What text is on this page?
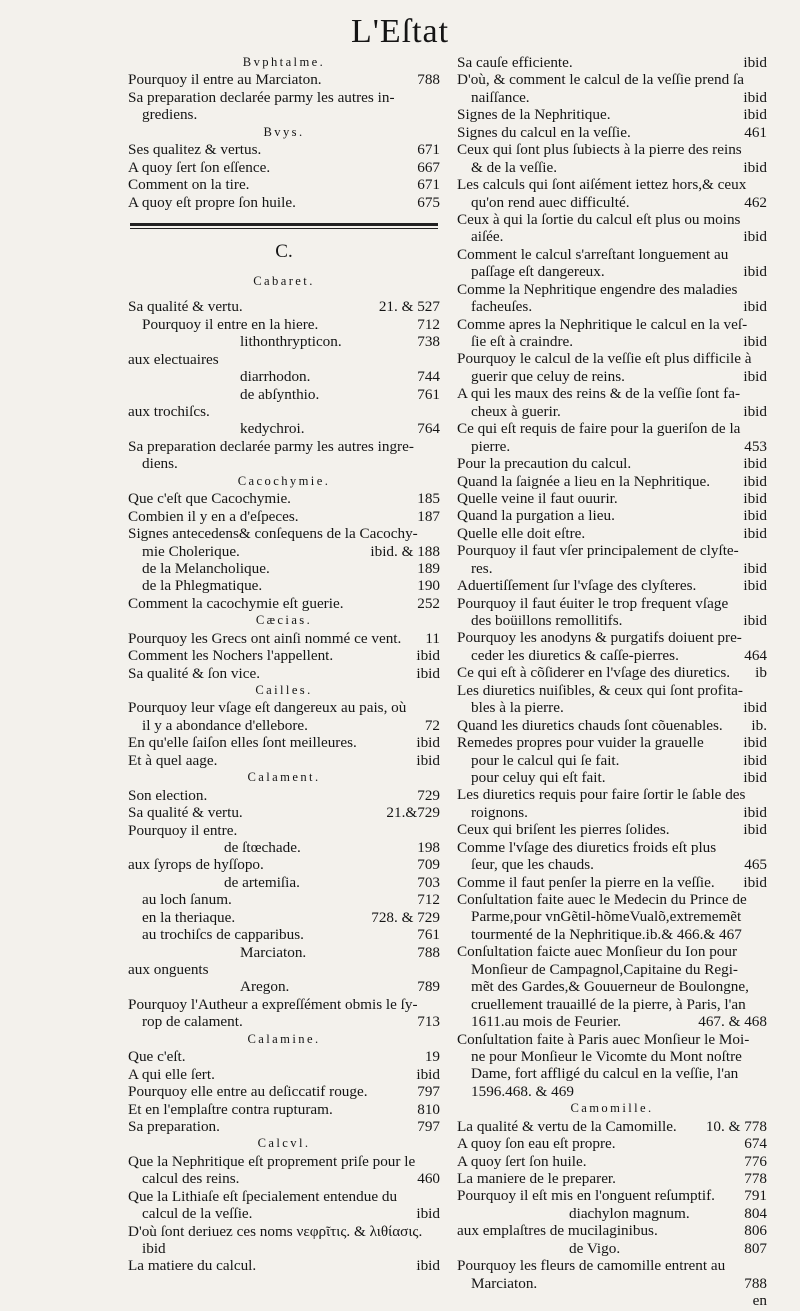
L'Eſtat
Bvphtalme.
Pourquoy il entre au Marciaton.	788
Sa preparation declarée parmy les autres in-
grediens.
Bvys.
Ses qualitez & vertus.	671
A quoy ſert ſon eſſence.	667
Comment on la tire.	671
A quoy eſt propre ſon huile.	675
C.
Cabaret.
Sa qualité & vertu.	21. & 527
Pourquoy il entre en la hiere.	712
lithonthrypticon.	738
aux electuaires
diarrhodon.	744
de abſynthio.	761
aux trochiſcs.
kedychroi.	764
Sa preparation declarée parmy les autres ingre-
diens.
Cacochymie.
Que c'eſt que Cacochymie.	185
Combien il y en a d'eſpeces.	187
Signes antecedens& conſequens de la Cacochy-
mie Cholerique.	ibid. & 188
de la Melancholique.	189
de la Phlegmatique.	190
Comment la cacochymie eſt guerie.	252
Cæcias.
Pourquoy les Grecs ont ainſi nommé ce vent. 11
Comment les Nochers l'appellent.	ibid
Sa qualité & ſon vice.	ibid
Cailles.
Pourquoy leur vſage eſt dangereux au pais, où
il y a abondance d'ellebore.	72
En qu'elle ſaiſon elles ſont meilleures.	ibid
Et à quel aage.	ibid
Calament.
Son election.	729
Sa qualité & vertu.	21.&729
Pourquoy il entre.
de ſtœchade.	198
aux ſyrops de hyſſopo.	709
de artemiſia.	703
au loch ſanum.	712
en la theriaque.	728. & 729
au trochiſcs de capparibus.	761
Marciaton.	788
aux onguents
Aregon.	789
Pourquoy l'Autheur a expreſſément obmis le ſy-
rop de calament.	713
Calamine.
Que c'eſt.	19
A qui elle ſert.	ibid
Pourquoy elle entre au deſiccatif rouge.	797
Et en l'emplaſtre contra rupturam.	810
Sa preparation.	797
Calcvl.
Que la Nephritique eſt proprement priſe pour le
calcul des reins.	460
Que la Lithiaſe eſt ſpecialement entendue du
calcul de la veſſie.	ibid
D'où ſont deriuez ces noms νεφρῖτις. & λιθίασις.
ibid
La matiere du calcul.	ibid
Sa cauſe efficiente.	ibid
D'où, & comment le calcul de la veſſie prend ſa
naiſſance.	ibid
Signes de la Nephritique.	ibid
Signes du calcul en la veſſie.	461
Ceux qui ſont plus ſubiects à la pierre des reins
& de la veſſie.	ibid
Les calculs qui ſont aiſément iettez hors,& ceux
qu'on rend auec difficulté.	462
Ceux à qui la ſortie du calcul eſt plus ou moins
aiſée.	ibid
Comment le calcul s'arreſtant longuement au
paſſage eſt dangereux.	ibid
Comme la Nephritique engendre des maladies
facheuſes.	ibid
Comme apres la Nephritique le calcul en la veſ-
ſie eſt à craindre.	ibid
Pourquoy le calcul de la veſſie eſt plus difficile à
guerir que celuy de reins.	ibid
A qui les maux des reins & de la veſſie ſont fa-
cheux à guerir.	ibid
Ce qui eſt requis de faire pour la gueriſon de la
pierre.	453
Pour la precaution du calcul.	ibid
Quand la ſaignée a lieu en la Nephritique. ibid
Quelle veine il faut ouurir.	ibid
Quand la purgation a lieu.	ibid
Quelle elle doit eſtre.	ibid
Pourquoy il faut vſer principalement de clyſte-
res.	ibid
Aduertiſſement ſur l'vſage des clyſteres.	ibid
Pourquoy il faut éuiter le trop frequent vſage
des boüillons remollitifs.	ibid
Pourquoy les anodyns & purgatifs doiuent pre-
ceder les diuretics & caſſe-pierres.	464
Ce qui eſt à cõſiderer en l'vſage des diuretics. ib
Les diuretics nuiſibles, & ceux qui ſont profita-
bles à la pierre.	ibid
Quand les diuretics chauds ſont cõuenables. ib.
Remedes propres pour vuider la grauelle	ibid
pour le calcul qui ſe fait.	ibid
pour celuy qui eſt fait.	ibid
Les diuretics requis pour faire ſortir le ſable des
roignons.	ibid
Ceux qui briſent les pierres ſolides.	ibid
Comme l'vſage des diuretics froids eſt plus
ſeur, que les chauds.	465
Comme il faut penſer la pierre en la veſſie. ibid
Conſultation faite auec le Medecin du Prince de
Parme,pour vnGẽtil-hõmeVualõ,extrememẽt
tourmenté de la Nephritique.ib.& 466.& 467
Conſultation faicte auec Monſieur du Ion pour
Monſieur de Campagnol,Capitaine du Regi-
mẽt des Gardes,& Gouuerneur de Boulongne,
cruellement trauaillé de la pierre, à Paris, l'an
1611.au mois de Feurier.	467. & 468
Conſultation faite à Paris auec Monſieur le Moi-
ne pour Monſieur le Vicomte du Mont noſtre
Dame, fort affligé du calcul en la veſſie, l'an
1596.468. & 469
Camomille.
La qualité & vertu de la Camomille. 10. & 778
A quoy ſon eau eſt propre.	674
A quoy ſert ſon huile.	776
La maniere de le preparer.	778
Pourquoy il eſt mis en l'onguent reſumptif. 791
diachylon magnum.	804
aux emplaſtres de mucilaginibus.	806
de Vigo.	807
Pourquoy les fleurs de camomille entrent au
Marciaton.	788
en
